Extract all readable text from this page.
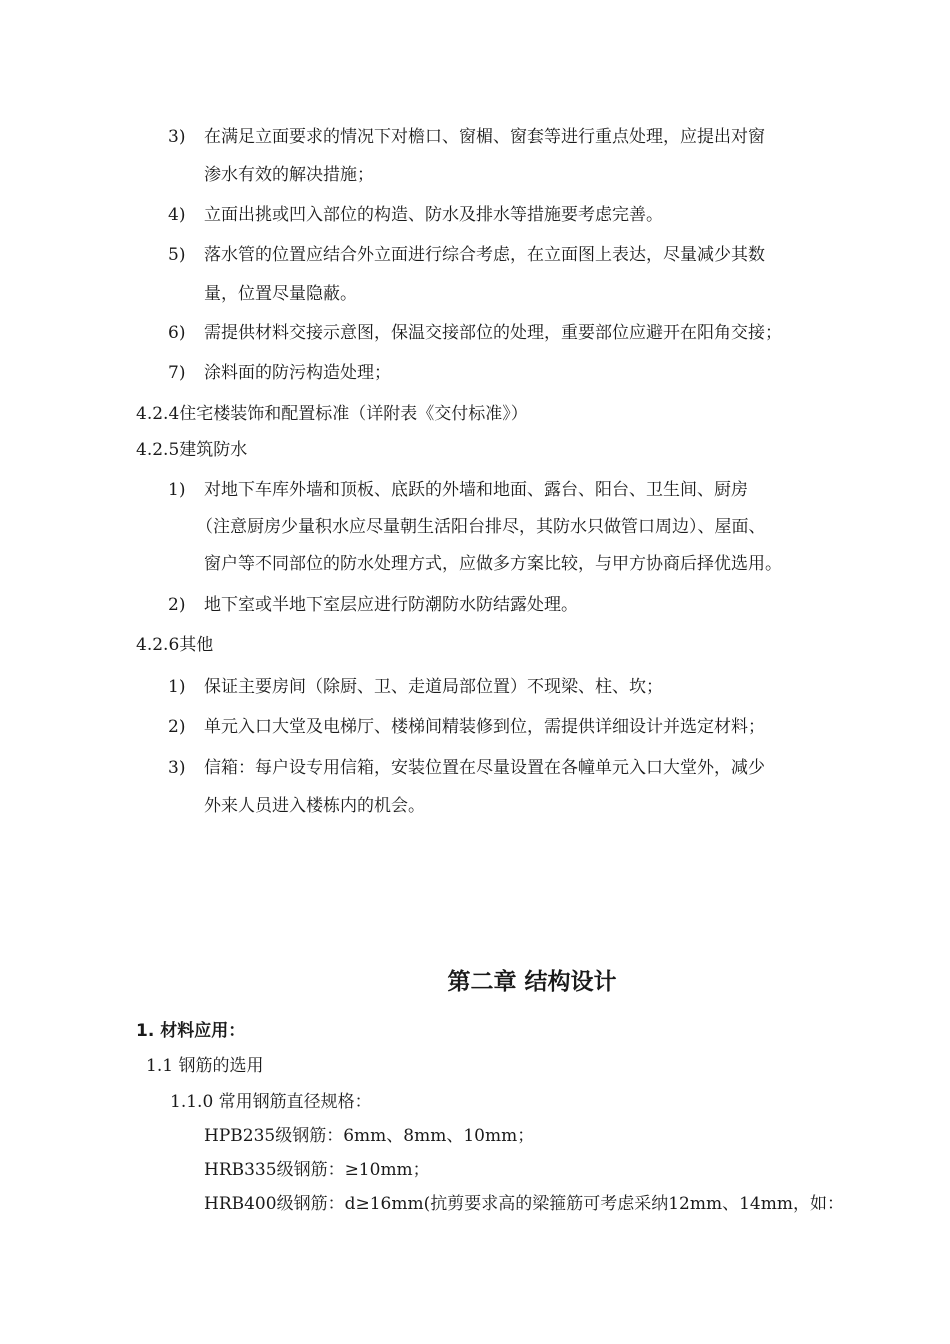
3) 在满足立面要求的情况下对檐口、窗楣、窗套等进行重点处理，应提出对窗
渗水有效的解决措施；
4) 立面出挑或凹入部位的构造、防水及排水等措施要考虑完善。
5) 落水管的位置应结合外立面进行综合考虑，在立面图上表达，尽量减少其数
量，位置尽量隐蔽。
6) 需提供材料交接示意图，保温交接部位的处理，重要部位应避开在阳角交接；
7) 涂料面的防污构造处理；
4.2.4住宅楼装饰和配置标准（详附表《交付标准》）
4.2.5建筑防水
1) 对地下车库外墙和顶板、底跃的外墙和地面、露台、阳台、卫生间、厨房
（注意厨房少量积水应尽量朝生活阳台排尽，其防水只做管口周边）、屋面、
窗户等不同部位的防水处理方式，应做多方案比较，与甲方协商后择优选用。
2) 地下室或半地下室层应进行防潮防水防结露处理。
4.2.6其他
1) 保证主要房间（除厨、卫、走道局部位置）不现梁、柱、坎；
2) 单元入口大堂及电梯厅、楼梯间精装修到位，需提供详细设计并选定材料；
3) 信箱：每户设专用信箱，安装位置在尽量设置在各幢单元入口大堂外，减少
外来人员进入楼栋内的机会。
第二章 结构设计
1. 材料应用：
1.1 钢筋的选用
1.1.0 常用钢筋直径规格：
HPB235级钢筋：6mm、8mm、10mm；
HRB335级钢筋：≥10mm；
HRB400级钢筋：d≥16mm(抗剪要求高的梁箍筋可考虑采纳12mm、14mm，如：
